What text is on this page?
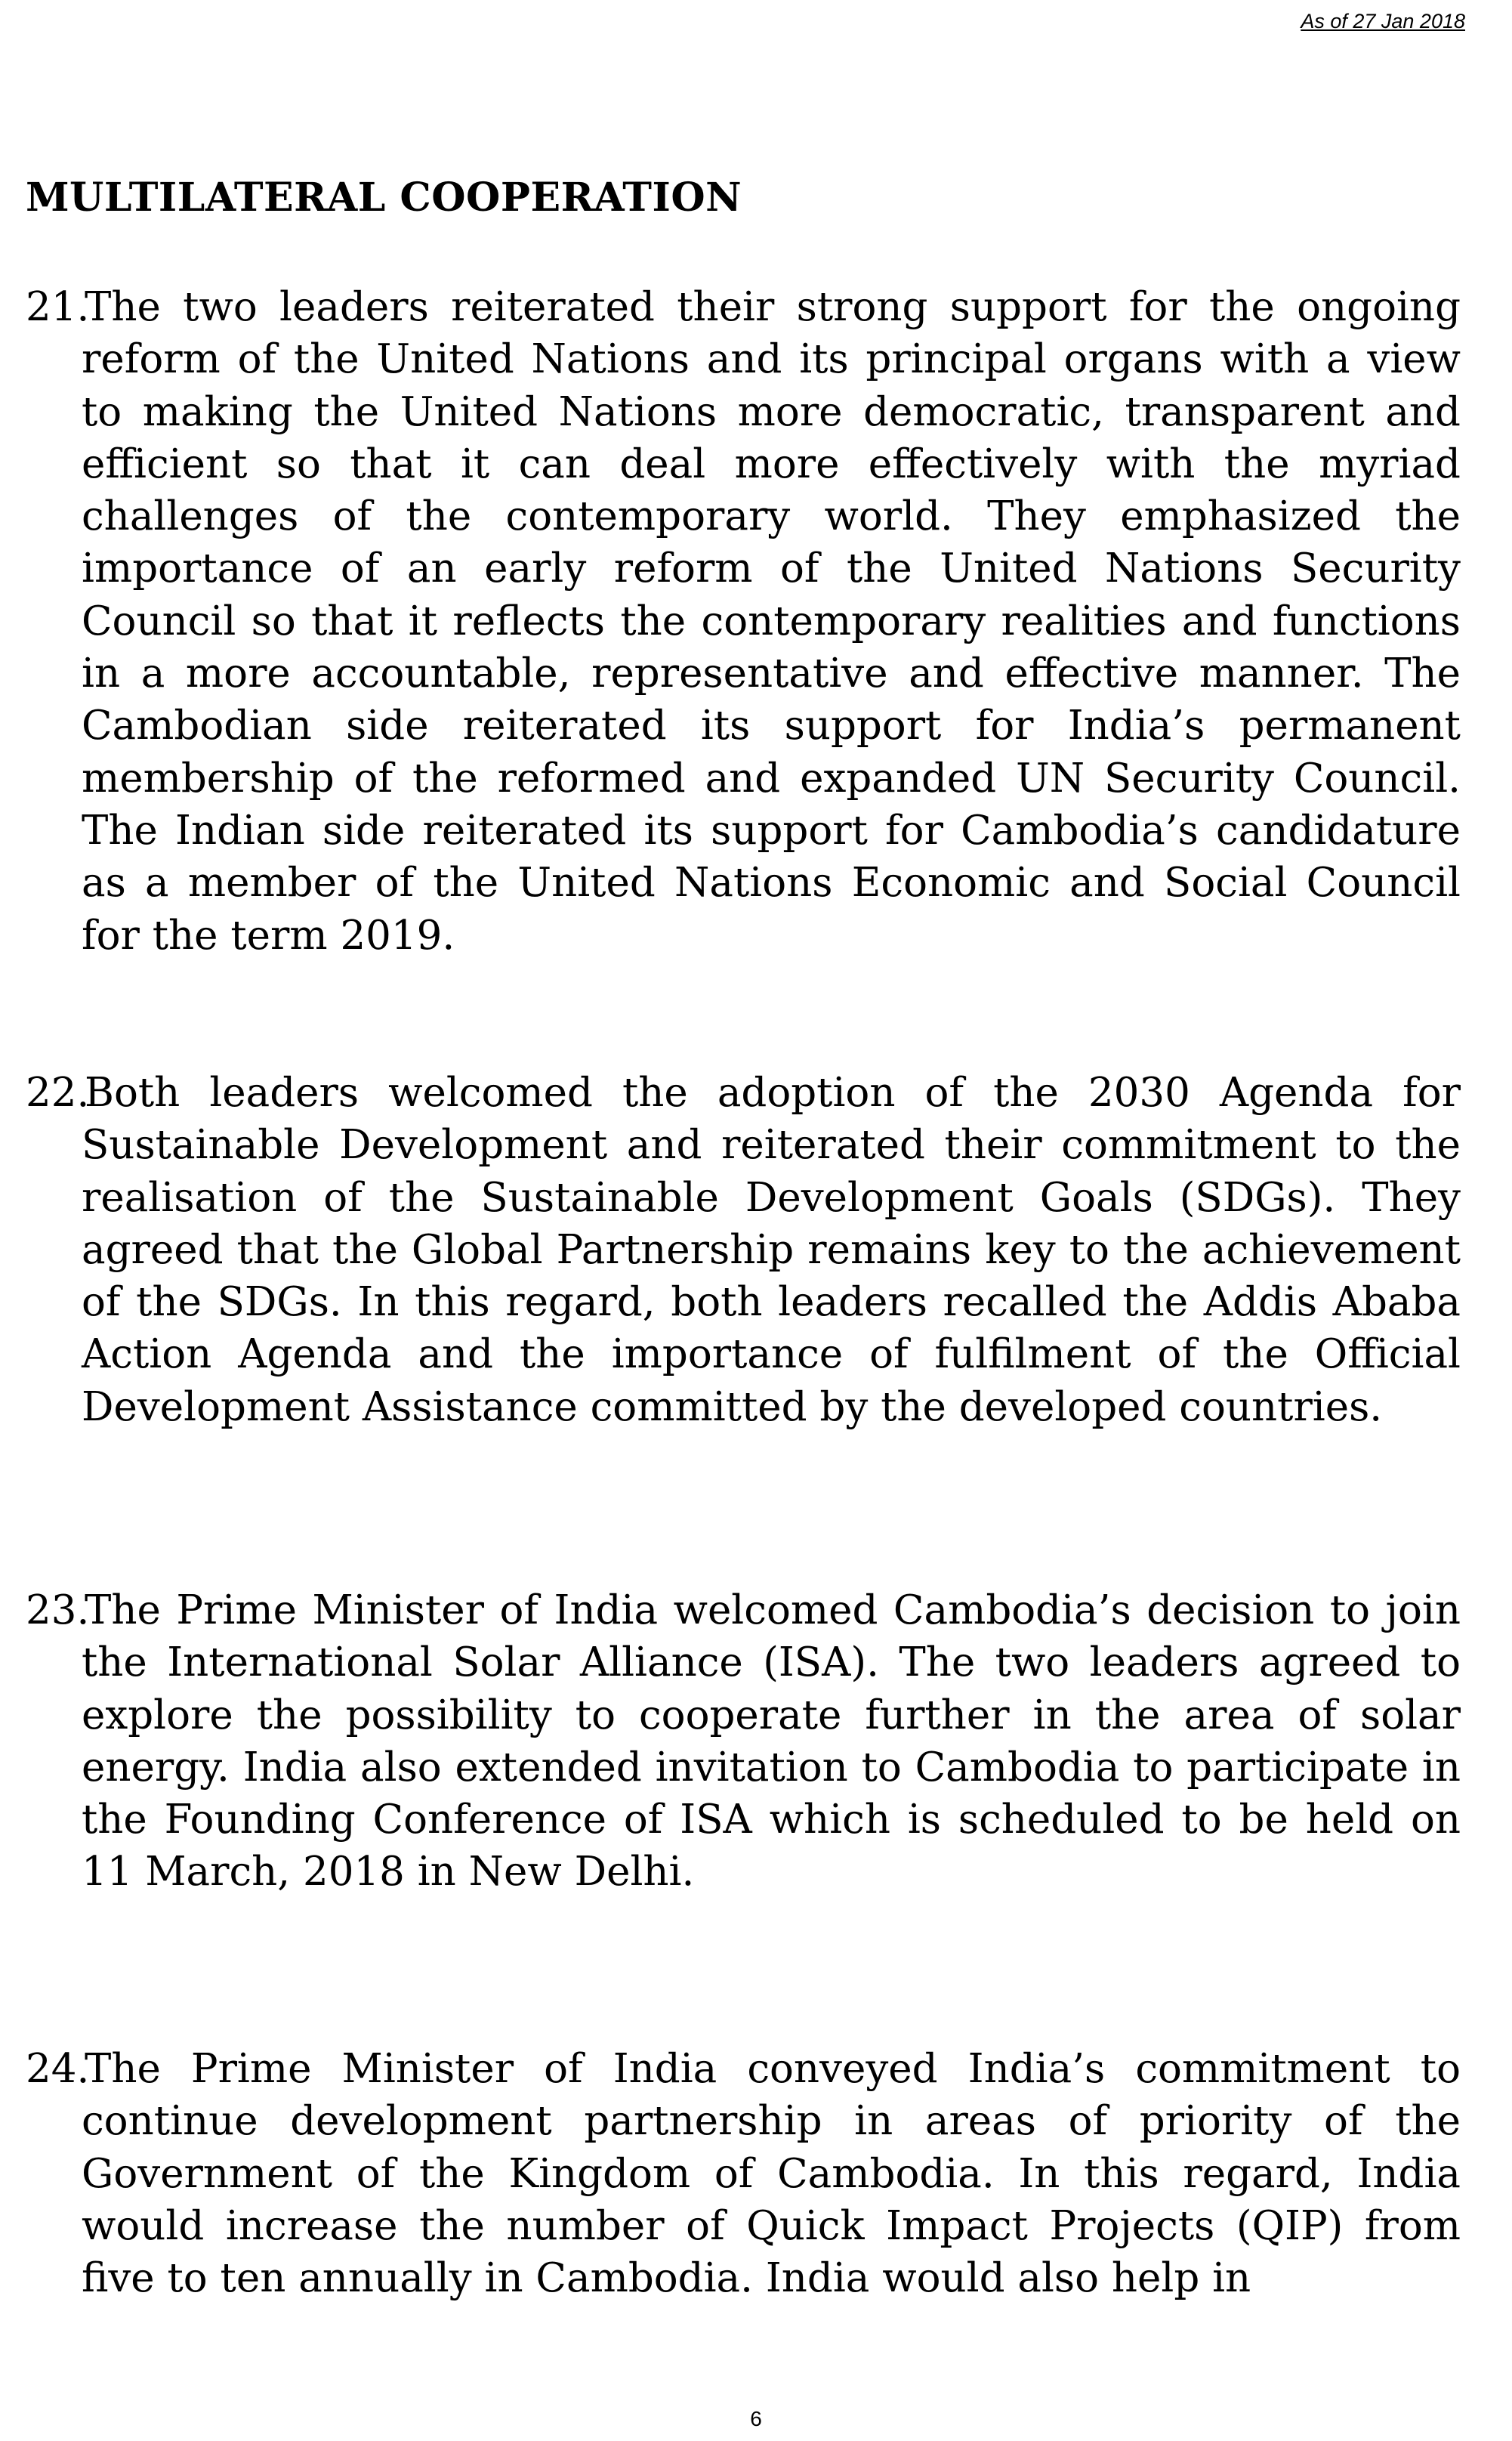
As of 27 Jan 2018

MULTILATERAL COOPERATION

21.The two leaders reiterated their strong support for the ongoing reform of the United Nations and its principal organs with a view to making the United Nations more democratic, transparent and efficient so that it can deal more effectively with the myriad challenges of the contemporary world. They emphasized the importance of an early reform of the United Nations Security Council so that it reflects the contemporary realities and functions in a more accountable, representative and effective manner. The Cambodian side reiterated its support for India’s permanent membership of the reformed and expanded UN Security Council. The Indian side reiterated its support for Cambodia’s candidature as a member of the United Nations Economic and Social Council for the term 2019.

22.Both leaders welcomed the adoption of the 2030 Agenda for Sustainable Development and reiterated their commitment to the realisation of the Sustainable Development Goals (SDGs). They agreed that the Global Partnership remains key to the achievement of the SDGs. In this regard, both leaders recalled the Addis Ababa Action Agenda and the importance of fulfilment of the Official Development Assistance committed by the developed countries.

23.The Prime Minister of India welcomed Cambodia’s decision to join the International Solar Alliance (ISA). The two leaders agreed to explore the possibility to cooperate further in the area of solar energy. India also extended invitation to Cambodia to participate in the Founding Conference of ISA which is scheduled to be held on 11 March, 2018 in New Delhi.

24.The Prime Minister of India conveyed India’s commitment to continue development partnership in areas of priority of the Government of the Kingdom of Cambodia. In this regard, India would increase the number of Quick Impact Projects (QIP) from five to ten annually in Cambodia. India would also help in

6
